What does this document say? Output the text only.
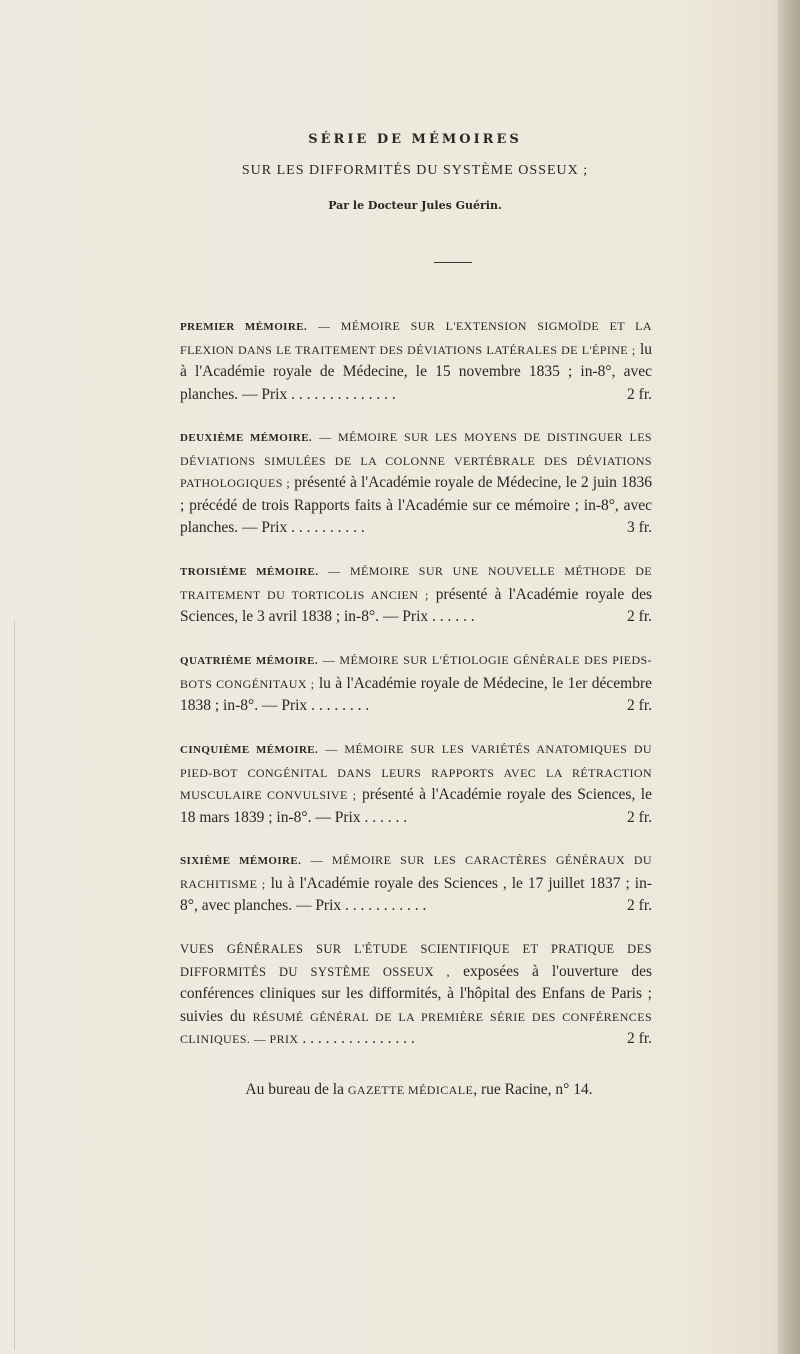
SÉRIE DE MÉMOIRES
SUR LES DIFFORMITÉS DU SYSTÈME OSSEUX ;
Par le Docteur Jules Guérin.
PREMIER MÉMOIRE. — MÉMOIRE SUR L'EXTENSION SIGMOÏDE ET LA FLEXION DANS LE TRAITEMENT DES DÉVIATIONS LATÉRALES DE L'ÉPINE ; lu à l'Académie royale de Médecine, le 15 novembre 1835 ; in-8°, avec planches. — Prix . . . . . . . . . . . . . .	2 fr.
DEUXIÈME MÉMOIRE. — MÉMOIRE SUR LES MOYENS DE DISTINGUER LES DÉVIATIONS SIMULÉES DE LA COLONNE VERTÉBRALE DES DÉVIATIONS PATHOLOGIQUES ; présenté à l'Académie royale de Médecine, le 2 juin 1836 ; précédé de trois Rapports faits à l'Académie sur ce mémoire ; in-8°, avec planches. — Prix . . . . . . . . . .	3 fr.
TROISIÈME MÉMOIRE. — MÉMOIRE SUR UNE NOUVELLE MÉTHODE DE TRAITEMENT DU TORTICOLIS ANCIEN ; présenté à l'Académie royale des Sciences, le 3 avril 1838 ; in-8°. — Prix . . . . . .	2 fr.
QUATRIÈME MÉMOIRE. — MÉMOIRE SUR L'ÉTIOLOGIE GÉNÉRALE DES PIEDS-BOTS CONGÉNITAUX ; lu à l'Académie royale de Médecine, le 1er décembre 1838 ; in-8°. — Prix . . . . . . . .	2 fr.
CINQUIÈME MÉMOIRE. — MÉMOIRE SUR LES VARIÉTÉS ANATOMIQUES DU PIED-BOT CONGÉNITAL DANS LEURS RAPPORTS AVEC LA RÉTRACTION MUSCULAIRE CONVULSIVE ; présenté à l'Académie royale des Sciences, le 18 mars 1839 ; in-8°. — Prix . . . . . .	2 fr.
SIXIÈME MÉMOIRE. — MÉMOIRE SUR LES CARACTÈRES GÉNÉRAUX DU RACHITISME ; lu à l'Académie royale des Sciences , le 17 juillet 1837 ; in-8°, avec planches. — Prix . . . . . . . . . . .	2 fr.
VUES GÉNÉRALES SUR L'ÉTUDE SCIENTIFIQUE ET PRATIQUE DES DIFFORMITÉS DU SYSTÈME OSSEUX , exposées à l'ouverture des conférences cliniques sur les difformités, à l'hôpital des Enfans de Paris ; suivies du RÉSUMÉ GÉNÉRAL DE LA PREMIÈRE SÉRIE DES CONFÉRENCES CLINIQUES. — PRIX . . . . . . . . . . . . . . .	2 fr.
Au bureau de la GAZETTE MÉDICALE, rue Racine, n° 14.
